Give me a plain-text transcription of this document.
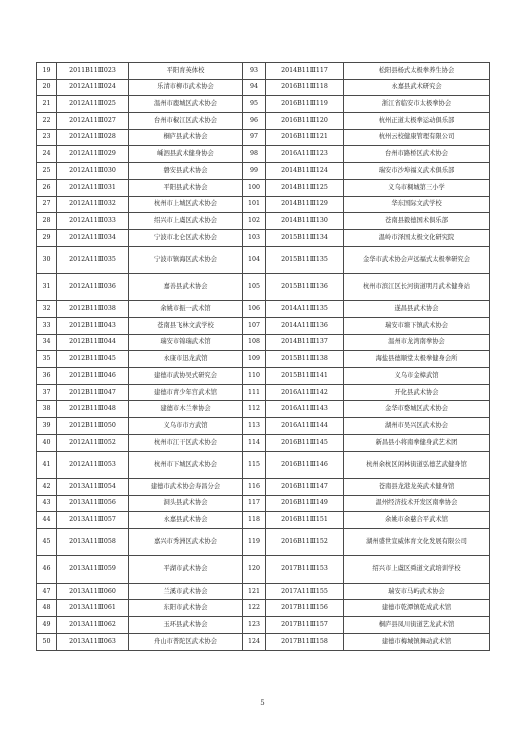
19	2011B11Ⅲ023	平阳育英体校	93	2014B11Ⅲ117	松阳县杨式太极拳养生协会
20	2012A11Ⅲ024	乐清市柳市武术协会	94	2016B11Ⅲ118	永嘉县武术研究会
21	2012A11Ⅲ025	温州市鹿城区武术协会	95	2016B11Ⅲ119	浙江省临安市太极拳协会
22	2012A11Ⅲ027	台州市椒江区武术协会	96	2016B11Ⅲ120	杭州正道太极拳运动俱乐部
23	2012A11Ⅲ028	桐庐县武术协会	97	2016B11Ⅲ121	杭州云校健康管理有限公司
24	2012A11Ⅲ029	嵊泗县武术健身协会	98	2016A11Ⅲ123	台州市路桥区武术协会
25	2012A11Ⅲ030	磐安县武术协会	99	2014B11Ⅲ124	瑞安市沙埠福义武术俱乐部
26	2012A11Ⅲ031	平阳县武术协会	100	2014B11Ⅲ125	义乌市稠城第三小学
27	2012A11Ⅲ032	杭州市上城区武术协会	101	2014B11Ⅲ129	华东国际文武学校
28	2012A11Ⅲ033	绍兴市上虞区武术协会	102	2014B11Ⅲ130	苍南县毅德国术俱乐部
29	2012A11Ⅲ034	宁波市北仑区武术协会	103	2015B11Ⅲ134	温岭市泽国太极文化研究院
30	2012A11Ⅲ035	宁波市镇海区武术协会	104	2015B11Ⅲ135	金华市武术协会声远福式太极拳研究会
31	2012A11Ⅲ036	嘉善县武术协会	105	2015B11Ⅲ136	杭州市滨江区长河街道明月武术健身站
32	2012B11Ⅲ038	余姚市振一武术馆	106	2014A11Ⅲ135	遂昌县武术协会
33	2012B11Ⅲ043	苍南县飞林文武学校	107	2014A11Ⅲ136	瑞安市塘下镇武术协会
34	2012B11Ⅲ044	瑞安市锦瑞武术馆	108	2014B11Ⅲ137	温州市龙湾南拳协会
35	2012B11Ⅲ045	永康市迅龙武馆	109	2015B11Ⅲ138	海盐县德顺堂太极拳健身会所
36	2012B11Ⅲ046	建德市武协吴式研究会	110	2015B11Ⅲ141	义乌市金樟武馆
37	2012B11Ⅲ047	建德市青少年宫武术馆	111	2016A11Ⅲ142	开化县武术协会
38	2012B11Ⅲ048	建德市木兰拳协会	112	2016A11Ⅲ143	金华市婺城区武术协会
39	2012B11Ⅲ050	义乌市市方武馆	113	2016A11Ⅲ144	湖州市吴兴区武术协会
40	2012A11Ⅲ052	杭州市江干区武术协会	114	2016B11Ⅲ145	新昌县小将南拳健身武艺术团
41	2012A11Ⅲ053	杭州市下城区武术协会	115	2016B11Ⅲ146	杭州余杭区闲林街道弘德艺武健身馆
42	2013A11Ⅲ054	建德市武术协会寿昌分会	116	2016B11Ⅲ147	苍南县龙港龙英武术健身馆
43	2013A11Ⅲ056	洞头县武术协会	117	2016B11Ⅲ149	温州经济技术开发区南拳协会
44	2013A11Ⅲ057	永嘉县武术协会	118	2016B11Ⅲ151	余姚市余慈合平武术馆
45	2013A11Ⅲ058	嘉兴市秀洲区武术协会	119	2016B11Ⅲ152	湖州盛世宣威体育文化发展有限公司
46	2013A11Ⅲ059	平湖市武术协会	120	2017B11Ⅲ153	绍兴市上虞区舜道文武培训学校
47	2013A11Ⅲ060	兰溪市武术协会	121	2017A11Ⅲ155	瑞安市马屿武术协会
48	2013A11Ⅲ061	东阳市武术协会	122	2017B11Ⅲ156	建德市乾潭镇乾成武术馆
49	2013A11Ⅲ062	玉环县武术协会	123	2017B11Ⅲ157	桐庐县凤川街道艺龙武术馆
50	2013A11Ⅲ063	舟山市普陀区武术协会	124	2017B11Ⅲ158	建德市梅城镇舞动武术馆
5
